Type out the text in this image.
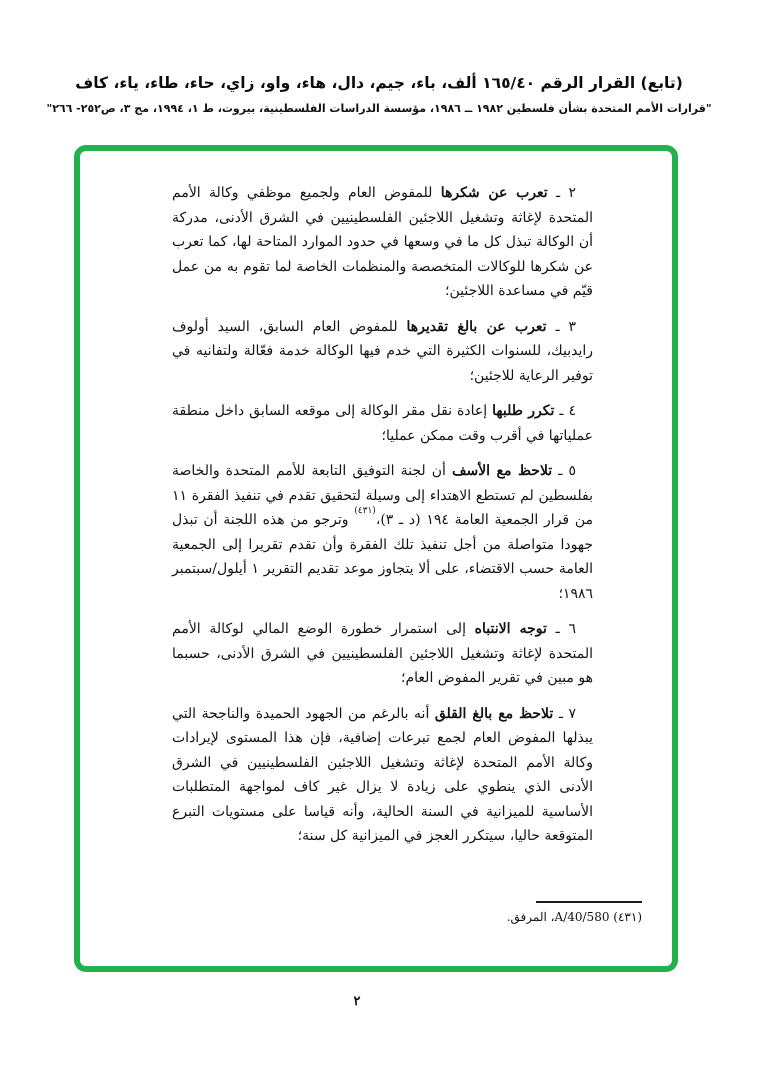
(تابع) القرار الرقم ١٦٥/٤٠ ألف، باء، جيم، دال، هاء، واو، زاي، حاء، طاء، ياء، كاف
"قرارات الأمم المتحدة بشأن فلسطين ١٩٨٢ ــ ١٩٨٦، مؤسسة الدراسات الفلسطينية، بيروت، ط ١، ١٩٩٤، مج ٣، ص٢٥٢- ٢٦٦"

٢ ـ تعرب عن شكرها للمفوض العام ولجميع موظفي وكالة الأمم المتحدة لإغاثة وتشغيل اللاجئين الفلسطينيين في الشرق الأدنى، مدركة أن الوكالة تبذل كل ما في وسعها في حدود الموارد المتاحة لها، كما تعرب عن شكرها للوكالات المتخصصة والمنظمات الخاصة لما تقوم به من عمل قيّم في مساعدة اللاجئين؛

٣ ـ تعرب عن بالغ تقديرها للمفوض العام السابق، السيد أولوف رايدبيك، للسنوات الكثيرة التي خدم فيها الوكالة خدمة فعّالة ولتفانيه في توفير الرعاية للاجئين؛

٤ ـ تكرر طلبها إعادة نقل مقر الوكالة إلى موقعه السابق داخل منطقة عملياتها في أقرب وقت ممكن عمليا؛

٥ ـ تلاحظ مع الأسف أن لجنة التوفيق التابعة للأمم المتحدة والخاصة بفلسطين لم تستطع الاهتداء إلى وسيلة لتحقيق تقدم في تنفيذ الفقرة ١١ من قرار الجمعية العامة ١٩٤ (د ـ ٣)،$^{(٤٣١)}$ وترجو من هذه اللجنة أن تبذل جهودا متواصلة من أجل تنفيذ تلك الفقرة وأن تقدم تقريرا إلى الجمعية العامة حسب الاقتضاء، على ألا يتجاوز موعد تقديم التقرير ١ أيلول/سبتمبر ١٩٨٦؛

٦ ـ توجه الانتباه إلى استمرار خطورة الوضع المالي لوكالة الأمم المتحدة لإغاثة وتشغيل اللاجئين الفلسطينيين في الشرق الأدنى، حسبما هو مبين في تقرير المفوض العام؛

٧ ـ تلاحظ مع بالغ القلق أنه بالرغم من الجهود الحميدة والناجحة التي يبذلها المفوض العام لجمع تبرعات إضافية، فإن هذا المستوى لإيرادات وكالة الأمم المتحدة لإغاثة وتشغيل اللاجئين الفلسطينيين في الشرق الأدنى الذي ينطوي على زيادة لا يزال غير كاف لمواجهة المتطلبات الأساسية للميزانية في السنة الحالية، وأنه قياسا على مستويات التبرع المتوقعة حاليا، سيتكرر العجز في الميزانية كل سنة؛

(٤٣١) A/40/580، المرفق.
٢
